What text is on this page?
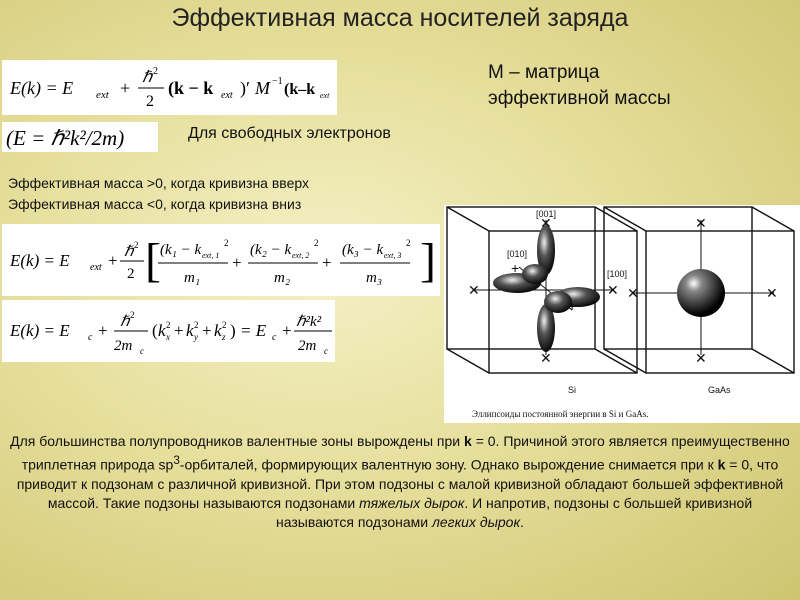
Эффективная масса носителей заряда
M – матрица
эффективной массы
E(k) = E ext +
ℏ 2
2
(k − k ext )′ M −1 (k–k ext
(E = ℏ²k²/2m)	Для свободных электронов
Эффективная масса >0, когда кривизна вверх
Эффективная масса <0, когда кривизна вниз
E(k) = E ext + ℏ 2
2 [ (k₁ − k ext, 1
2
m₁
+
(k₂ − k ext, 2
2
m₂
+
(k₃ − k ext, 3
2
m₃ ]
E(k) = E c + ℏ 2
2m c
( k 2
x + k 2
y + k 2
z ) = E c + ℏ²k²
2m c
✕
✕
✕	✕
+
+
[001]
[010]
[100]
Si	GaAs
✕
✕
✕	✕
Эллипсоиды постоянной энергии в Si и GaAs.
Для большинства полупроводников валентные зоны вырождены при k = 0. Причиной этого является преимущественно триплетная природа $sp^3$-орбиталей, формирующих валентную зону. Однако вырождение снимается при к k = 0, что приводит к подзонам с различной кривизной. При этом подзоны с малой кривизной обладают большей эффективной массой. Такие подзоны называются подзонами тяжелых дырок. И напротив, подзоны с большей кривизной называются подзонами легких дырок.
